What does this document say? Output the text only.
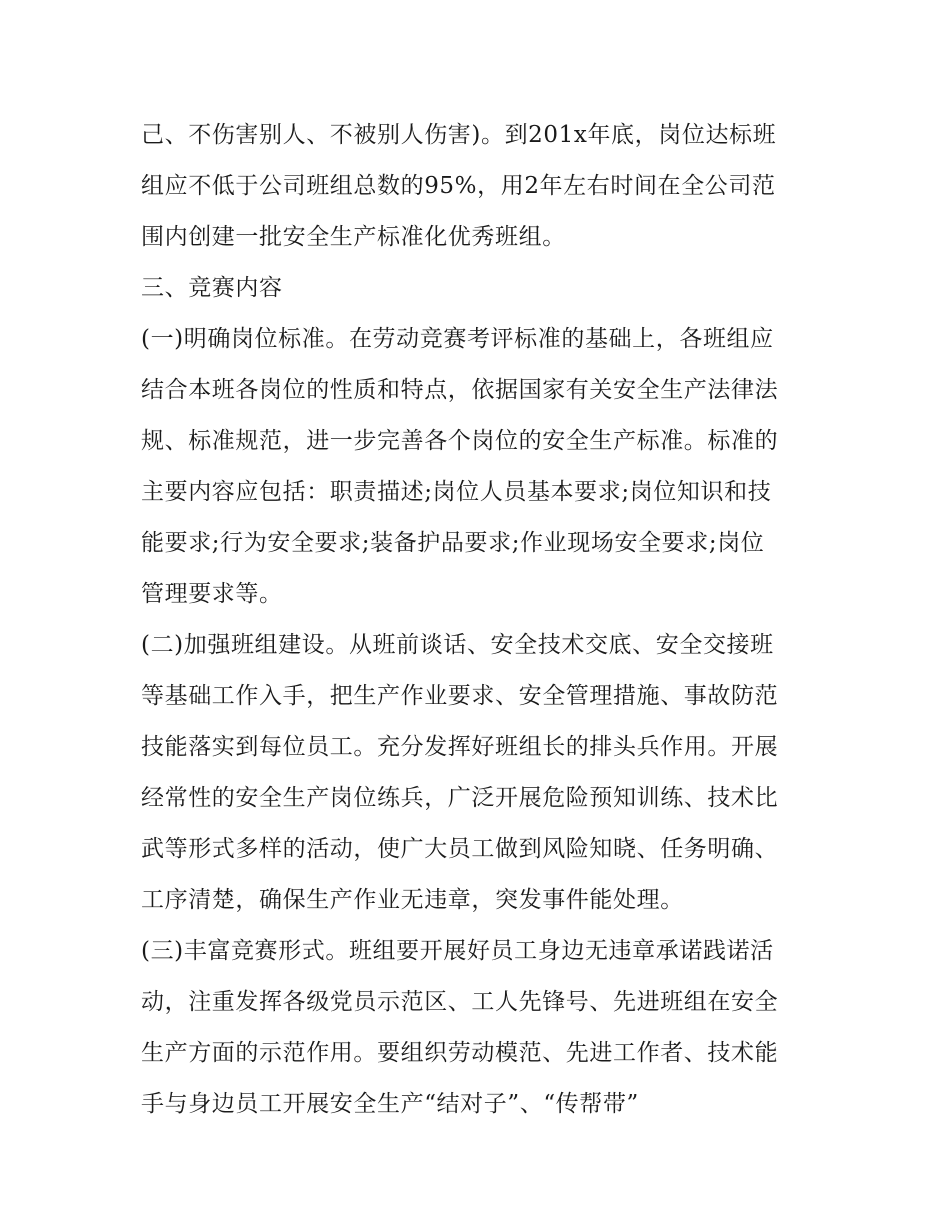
己、不伤害别人、不被别人伤害)。到201x年底，岗位达标班
组应不低于公司班组总数的95%，用2年左右时间在全公司范
围内创建一批安全生产标准化优秀班组。
三、竞赛内容
(一)明确岗位标准。在劳动竞赛考评标准的基础上，各班组应
结合本班各岗位的性质和特点，依据国家有关安全生产法律法
规、标准规范，进一步完善各个岗位的安全生产标准。标准的
主要内容应包括：职责描述;岗位人员基本要求;岗位知识和技
能要求;行为安全要求;装备护品要求;作业现场安全要求;岗位
管理要求等。
(二)加强班组建设。从班前谈话、安全技术交底、安全交接班
等基础工作入手，把生产作业要求、安全管理措施、事故防范
技能落实到每位员工。充分发挥好班组长的排头兵作用。开展
经常性的安全生产岗位练兵，广泛开展危险预知训练、技术比
武等形式多样的活动，使广大员工做到风险知晓、任务明确、
工序清楚，确保生产作业无违章，突发事件能处理。
(三)丰富竞赛形式。班组要开展好员工身边无违章承诺践诺活
动，注重发挥各级党员示范区、工人先锋号、先进班组在安全
生产方面的示范作用。要组织劳动模范、先进工作者、技术能
手与身边员工开展安全生产“结对子”、“传帮带”
